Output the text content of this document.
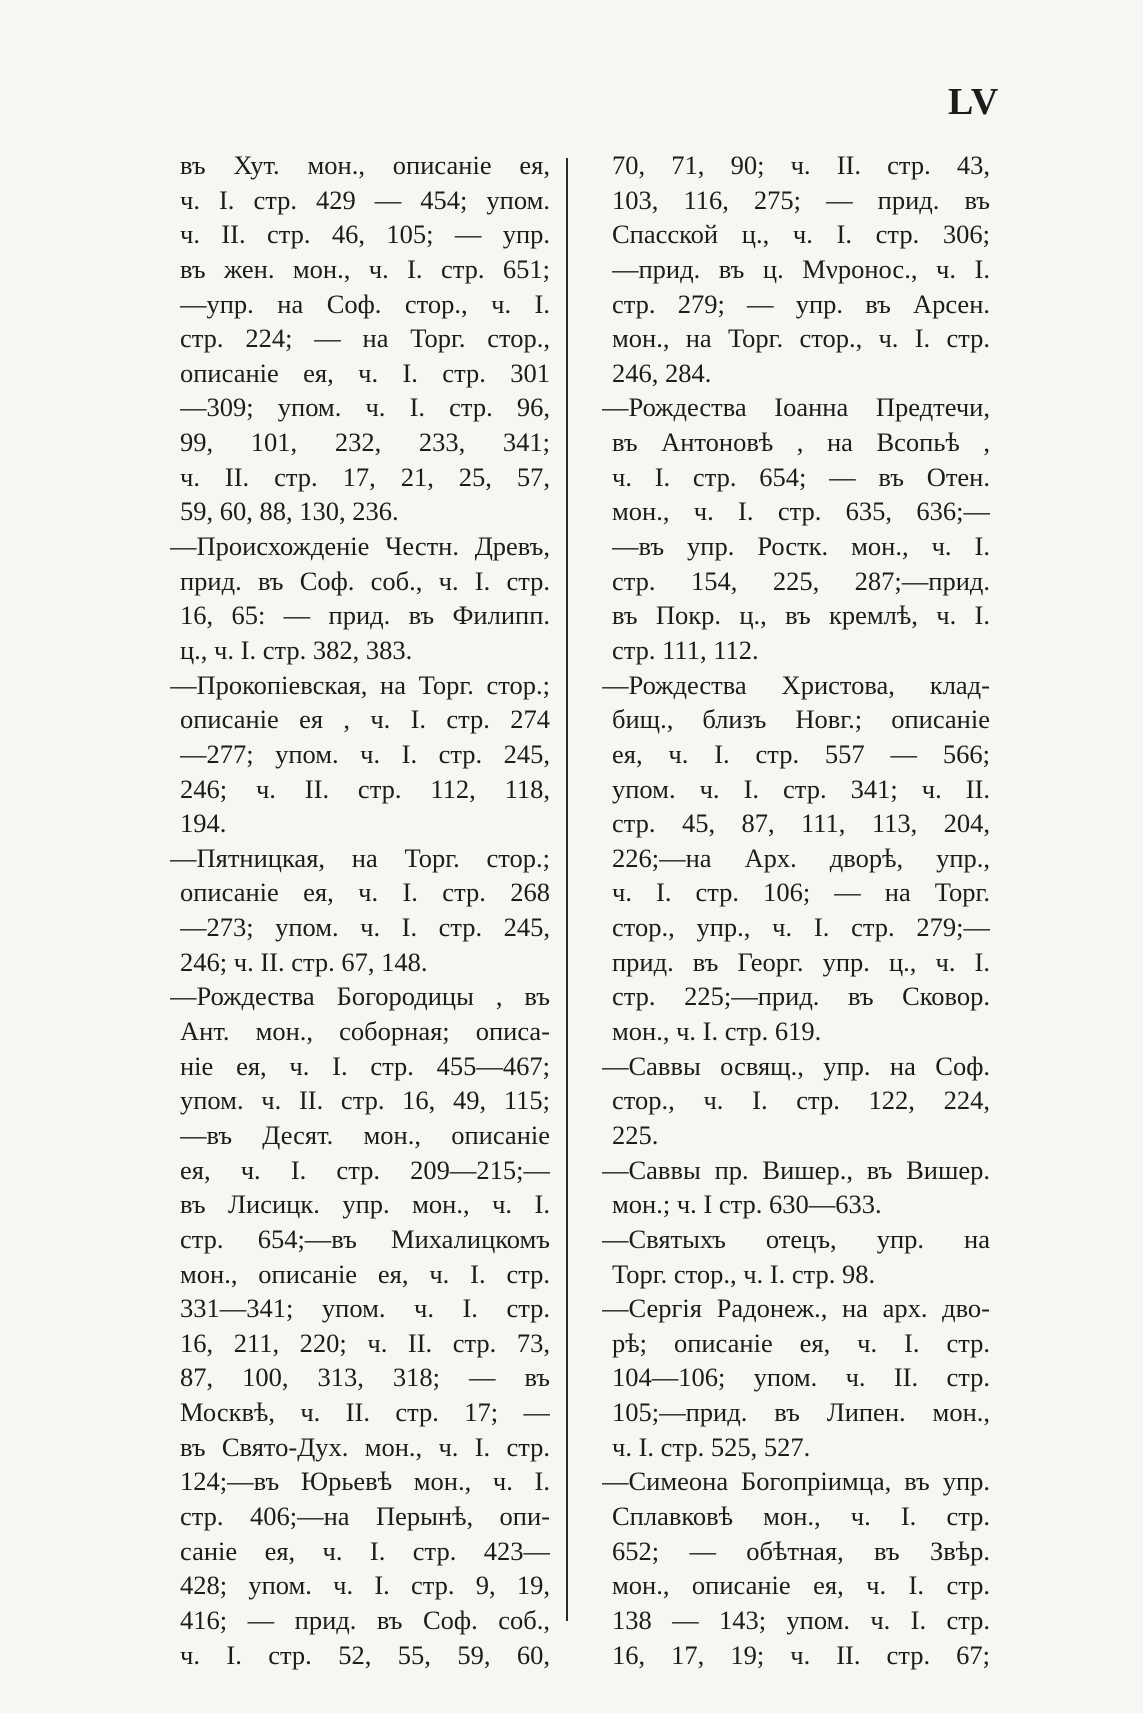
LV
въ Хут. мон., описаніе ея,
ч. I. стр. 429 — 454; упом.
ч. II. стр. 46, 105; — упр.
въ жен. мон., ч. I. стр. 651;
—упр. на Соф. стор., ч. I.
стр. 224; — на Торг. стор.,
описаніе ея, ч. I. стр. 301
—309; упом. ч. I. стр. 96,
99, 101, 232, 233, 341;
ч. II. стр. 17, 21, 25, 57,
59, 60, 88, 130, 236.
—Происхожденіе Честн. Древъ,
прид. въ Соф. соб., ч. I. стр.
16, 65: — прид. въ Филипп.
ц., ч. I. стр. 382, 383.
—Прокопіевская, на Торг. стор.;
описаніе ея , ч. I. стр. 274
—277; упом. ч. I. стр. 245,
246; ч. II. стр. 112, 118,
194.
—Пятницкая, на Торг. стор.;
описаніе ея, ч. I. стр. 268
—273; упом. ч. I. стр. 245,
246; ч. II. стр. 67, 148.
—Рождества Богородицы , въ
Ант. мон., соборная; описа-
ніе ея, ч. I. стр. 455—467;
упом. ч. II. стр. 16, 49, 115;
—въ Десят. мон., описаніе
ея, ч. I. стр. 209—215;—
въ Лисицк. упр. мон., ч. I.
стр. 654;—въ Михалицкомъ
мон., описаніе ея, ч. I. стр.
331—341; упом. ч. I. стр.
16, 211, 220; ч. II. стр. 73,
87, 100, 313, 318; — въ
Москвѣ, ч. II. стр. 17; —
въ Свято-Дух. мон., ч. I. стр.
124;—въ Юрьевѣ мон., ч. I.
стр. 406;—на Перынѣ, опи-
саніе ея, ч. I. стр. 423—
428; упом. ч. I. стр. 9, 19,
416; — прид. въ Соф. соб.,
ч. I. стр. 52, 55, 59, 60,
70, 71, 90; ч. II. стр. 43,
103, 116, 275; — прид. въ
Спасской ц., ч. I. стр. 306;
—прид. въ ц. Мνронос., ч. I.
стр. 279; — упр. въ Арсен.
мон., на Торг. стор., ч. I. стр.
246, 284.
—Рождества Іоанна Предтечи,
въ Антоновѣ , на Всопьѣ ,
ч. I. стр. 654; — въ Отен.
мон., ч. I. стр. 635, 636;—
—въ упр. Ростк. мон., ч. I.
стр. 154, 225, 287;—прид.
въ Покр. ц., въ кремлѣ, ч. I.
стр. 111, 112.
—Рождества Христова, клад-
бищ., близъ Новг.; описаніе
ея, ч. I. стр. 557 — 566;
упом. ч. I. стр. 341; ч. II.
стр. 45, 87, 111, 113, 204,
226;—на Арх. дворѣ, упр.,
ч. I. стр. 106; — на Торг.
стор., упр., ч. I. стр. 279;—
прид. въ Георг. упр. ц., ч. I.
стр. 225;—прид. въ Сковор.
мон., ч. I. стр. 619.
—Саввы освящ., упр. на Соф.
стор., ч. I. стр. 122, 224,
225.
—Саввы пр. Вишер., въ Вишер.
мон.; ч. I стр. 630—633.
—Святыхъ отецъ, упр. на
Торг. стор., ч. I. стр. 98.
—Сергія Радонеж., на арх. дво-
рѣ; описаніе ея, ч. I. стр.
104—106; упом. ч. II. стр.
105;—прид. въ Липен. мон.,
ч. I. стр. 525, 527.
—Симеона Богопріимца, въ упр.
Сплавковѣ мон., ч. I. стр.
652; — обѣтная, въ Звѣр.
мон., описаніе ея, ч. I. стр.
138 — 143; упом. ч. I. стр.
16, 17, 19; ч. II. стр. 67;
